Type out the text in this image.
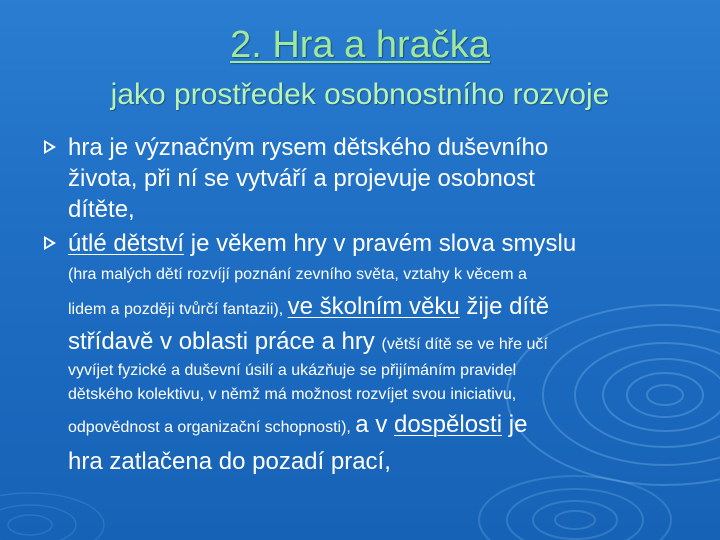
2. Hra a hračka
jako prostředek osobnostního rozvoje
hra je význačným rysem dětského duševního
života, při ní se vytváří a projevuje osobnost
dítěte,
útlé dětství je věkem hry v pravém slova smyslu
(hra malých dětí rozvíjí poznání zevního světa, vztahy k věcem a
lidem a později tvůrčí fantazii), ve školním věku žije dítě
střídavě v oblasti práce a hry (větší dítě se ve hře učí
vyvíjet fyzické a duševní úsilí a ukázňuje se přijímáním pravidel
dětského kolektivu, v němž má možnost rozvíjet svou iniciativu,
odpovědnost a organizační schopnosti), a v dospělosti je
hra zatlačena do pozadí prací,
